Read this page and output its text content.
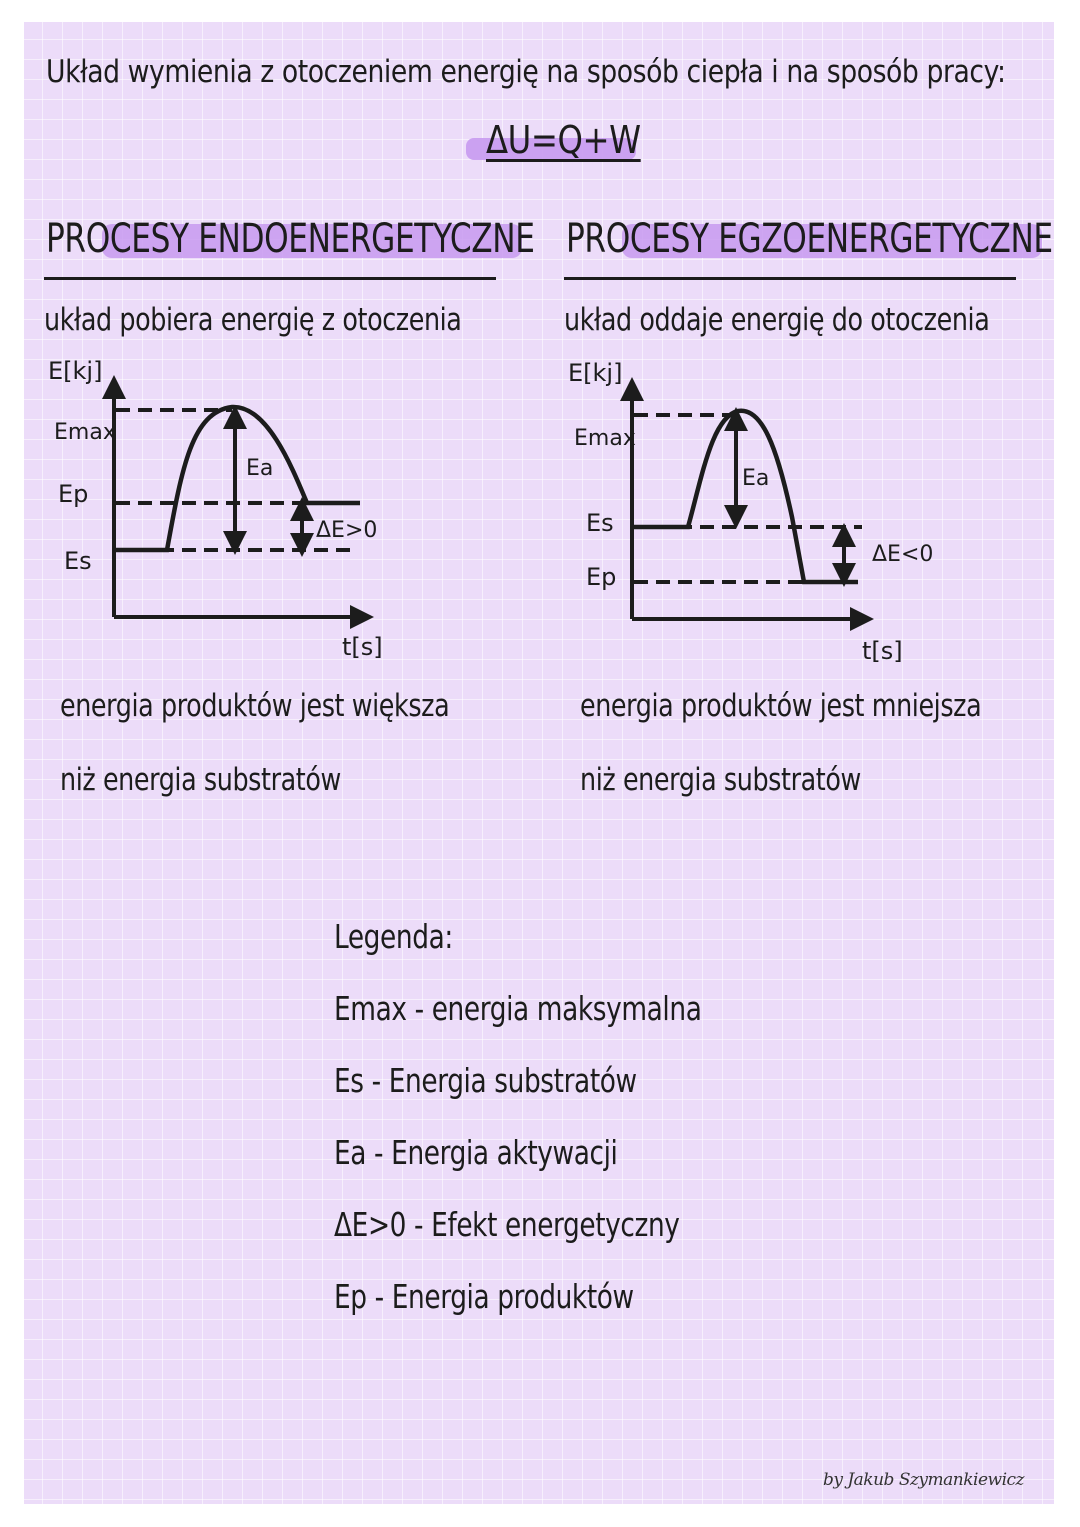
Układ wymienia z otoczeniem energię na sposób ciepła i na sposób pracy:
ΔU=Q+W
PROCESY ENDOENERGETYCZNE
układ pobiera energię z otoczenia
E[kj]
Emax
Ep
Es
Ea
ΔE>0
t[s]
energia produktów jest większa
niż energia substratów
PROCESY EGZOENERGETYCZNE
układ oddaje energię do otoczenia
E[kj]
Emax
Es
Ep
Ea
ΔE<0
t[s]
energia produktów jest mniejsza
niż energia substratów
Legenda:
Emax - energia maksymalna
Es - Energia substratów
Ea - Energia aktywacji
ΔE>0 - Efekt energetyczny
Ep - Energia produktów
by Jakub Szymankiewicz
